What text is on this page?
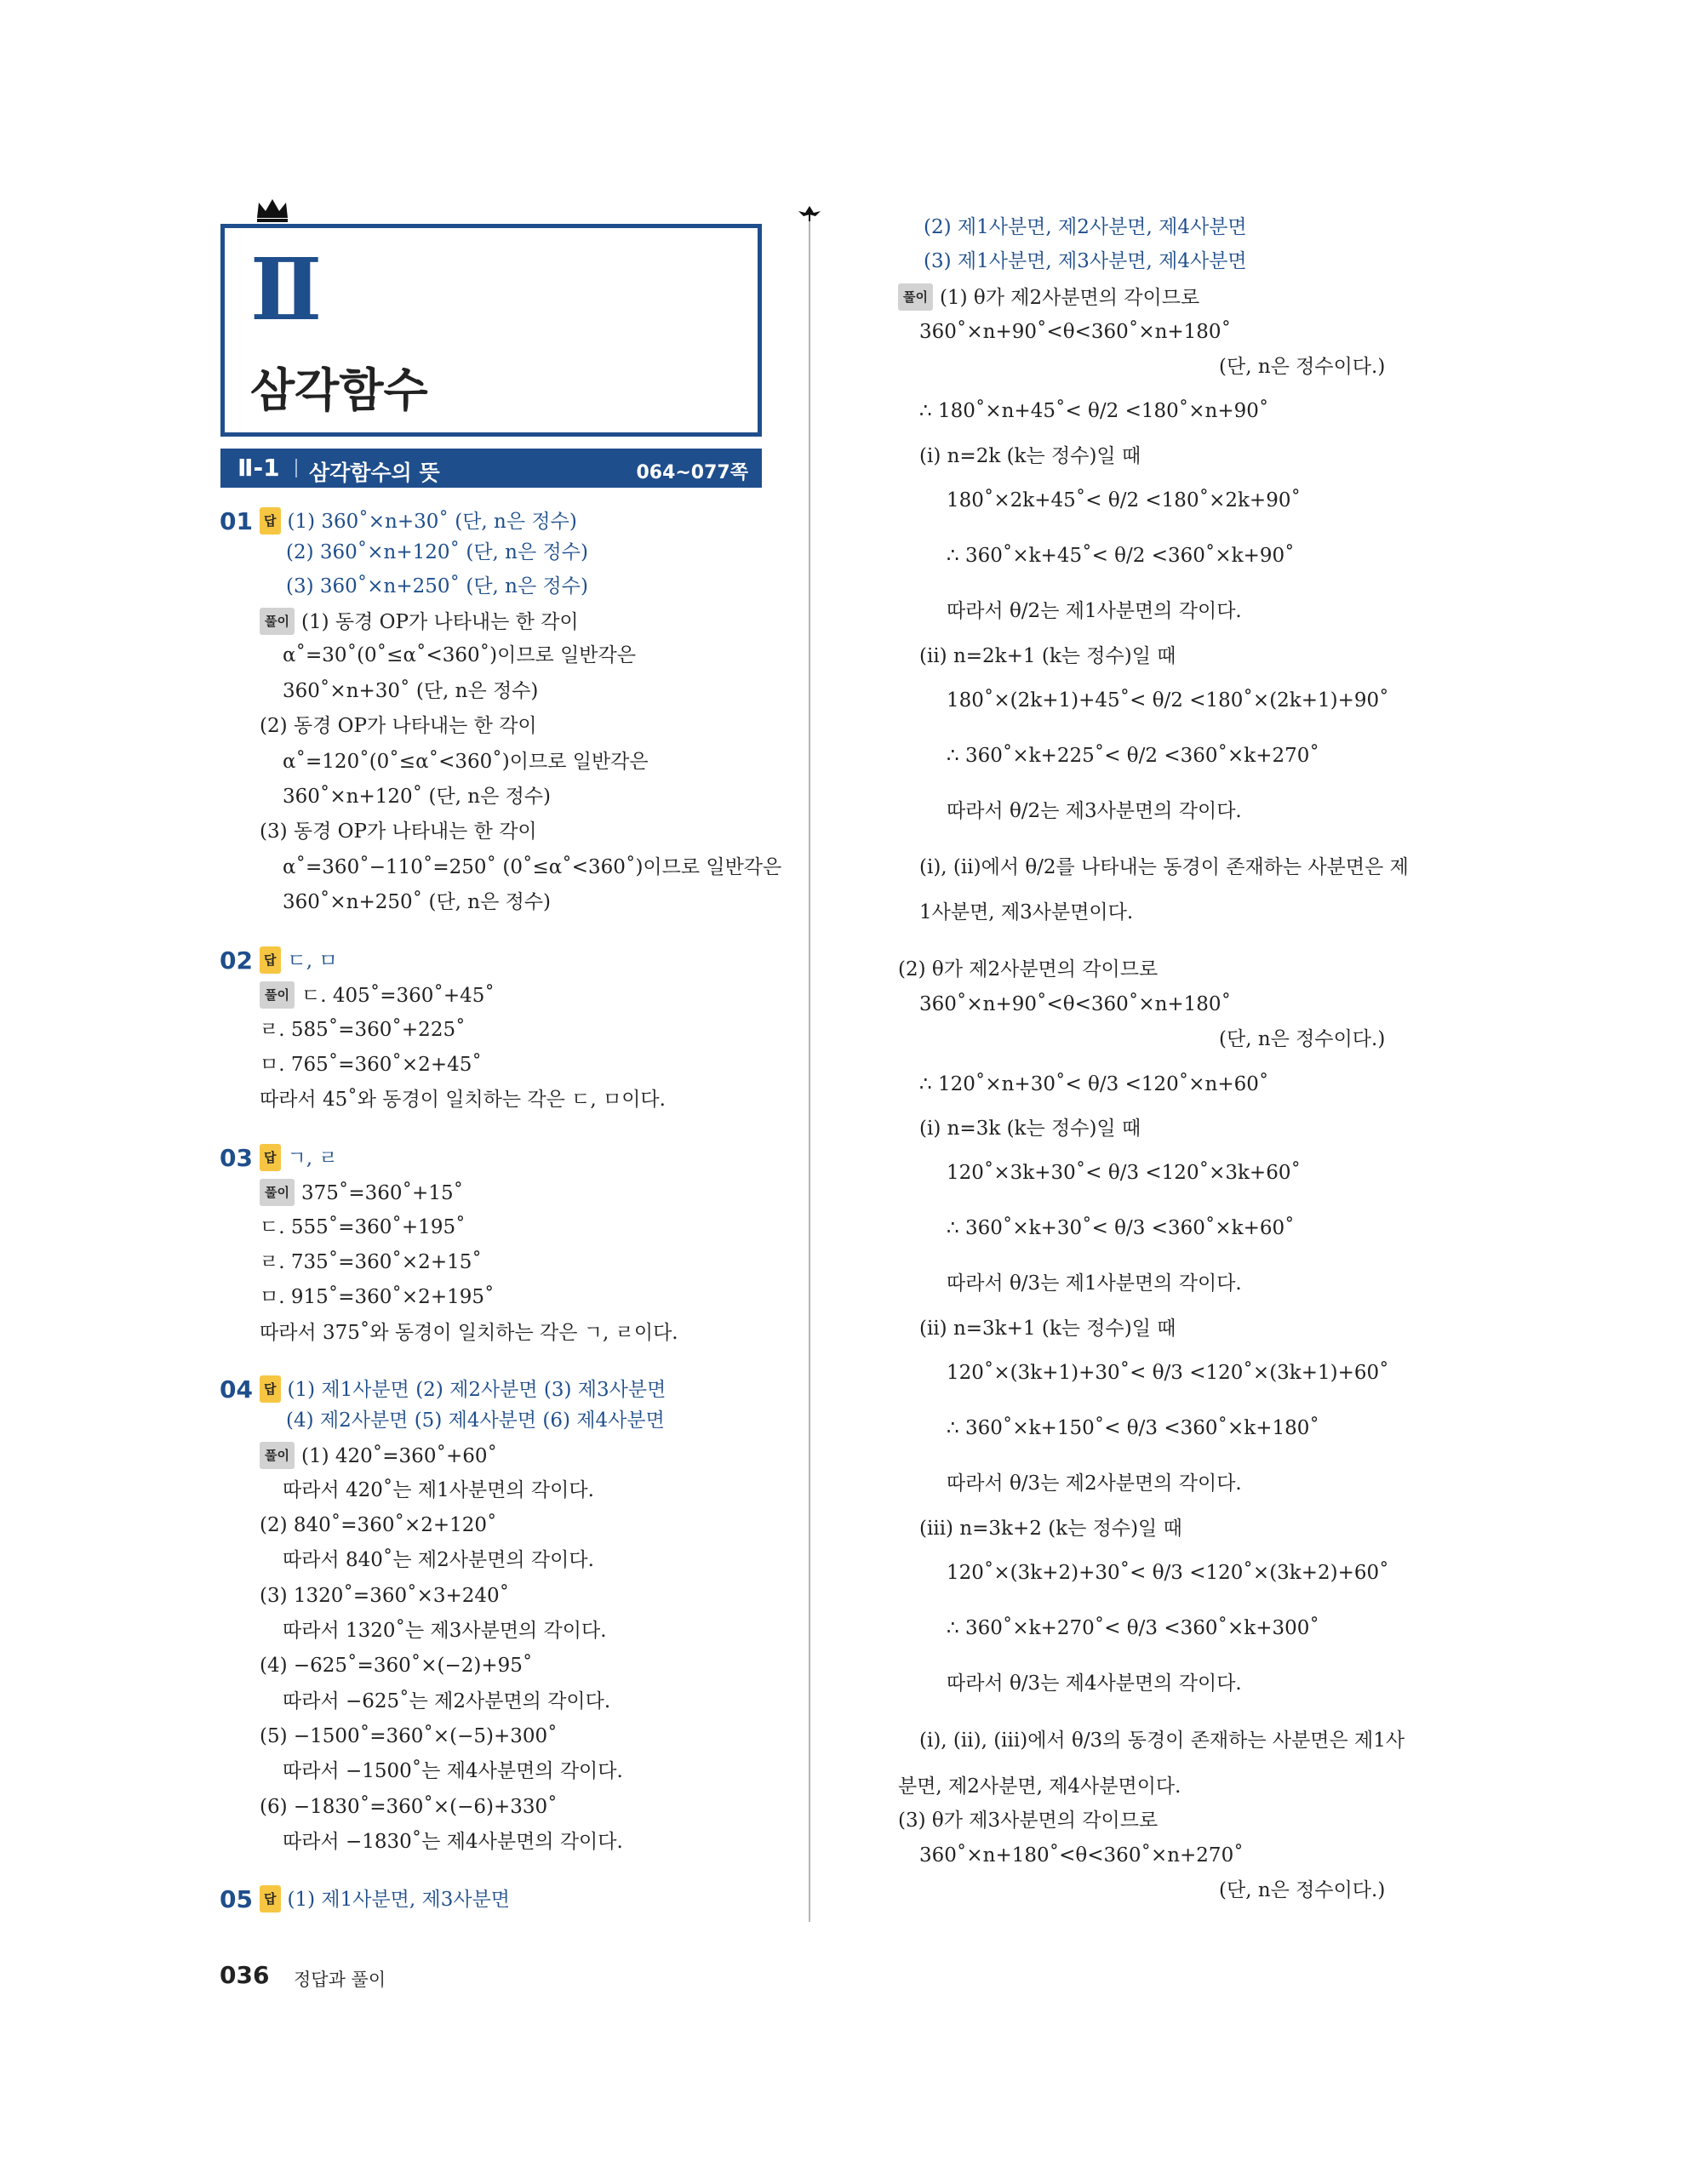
Ⅱ
삼각함수
Ⅱ-1 삼각함수의 뜻	064~077쪽
01 답 (1) 360˚×n+30˚ (단, n은 정수)
(2) 360˚×n+120˚ (단, n은 정수)
(3) 360˚×n+250˚ (단, n은 정수)
풀이 (1) 동경 OP가 나타내는 한 각이
α˚=30˚(0˚≤α˚<360˚)이므로 일반각은
360˚×n+30˚ (단, n은 정수)
(2) 동경 OP가 나타내는 한 각이
α˚=120˚(0˚≤α˚<360˚)이므로 일반각은
360˚×n+120˚ (단, n은 정수)
(3) 동경 OP가 나타내는 한 각이
α˚=360˚−110˚=250˚ (0˚≤α˚<360˚)이므로 일반각은
360˚×n+250˚ (단, n은 정수)
02 답 ㄷ, ㅁ
풀이 ㄷ. 405˚=360˚+45˚
ㄹ. 585˚=360˚+225˚
ㅁ. 765˚=360˚×2+45˚
따라서 45˚와 동경이 일치하는 각은 ㄷ, ㅁ이다.
03 답 ㄱ, ㄹ
풀이 375˚=360˚+15˚
ㄷ. 555˚=360˚+195˚
ㄹ. 735˚=360˚×2+15˚
ㅁ. 915˚=360˚×2+195˚
따라서 375˚와 동경이 일치하는 각은 ㄱ, ㄹ이다.
04 답 (1) 제1사분면 (2) 제2사분면 (3) 제3사분면
(4) 제2사분면 (5) 제4사분면 (6) 제4사분면
풀이 (1) 420˚=360˚+60˚
따라서 420˚는 제1사분면의 각이다.
(2) 840˚=360˚×2+120˚
따라서 840˚는 제2사분면의 각이다.
(3) 1320˚=360˚×3+240˚
따라서 1320˚는 제3사분면의 각이다.
(4) −625˚=360˚×(−2)+95˚
따라서 −625˚는 제2사분면의 각이다.
(5) −1500˚=360˚×(−5)+300˚
따라서 −1500˚는 제4사분면의 각이다.
(6) −1830˚=360˚×(−6)+330˚
따라서 −1830˚는 제4사분면의 각이다.
05 답 (1) 제1사분면, 제3사분면
(2) 제1사분면, 제2사분면, 제4사분면
(3) 제1사분면, 제3사분면, 제4사분면
풀이 (1) θ가 제2사분면의 각이므로
360˚×n+90˚<θ<360˚×n+180˚
(단, n은 정수이다.)
∴ 180˚×n+45˚< θ/2 <180˚×n+90˚
(ⅰ) n=2k (k는 정수)일 때
180˚×2k+45˚< θ/2 <180˚×2k+90˚
∴ 360˚×k+45˚< θ/2 <360˚×k+90˚
따라서 θ/2는 제1사분면의 각이다.
(ⅱ) n=2k+1 (k는 정수)일 때
180˚×(2k+1)+45˚< θ/2 <180˚×(2k+1)+90˚
∴ 360˚×k+225˚< θ/2 <360˚×k+270˚
따라서 θ/2는 제3사분면의 각이다.
(ⅰ), (ⅱ)에서 θ/2를 나타내는 동경이 존재하는 사분면은 제
1사분면, 제3사분면이다.
(2) θ가 제2사분면의 각이므로
360˚×n+90˚<θ<360˚×n+180˚
(단, n은 정수이다.)
∴ 120˚×n+30˚< θ/3 <120˚×n+60˚
(ⅰ) n=3k (k는 정수)일 때
120˚×3k+30˚< θ/3 <120˚×3k+60˚
∴ 360˚×k+30˚< θ/3 <360˚×k+60˚
따라서 θ/3는 제1사분면의 각이다.
(ⅱ) n=3k+1 (k는 정수)일 때
120˚×(3k+1)+30˚< θ/3 <120˚×(3k+1)+60˚
∴ 360˚×k+150˚< θ/3 <360˚×k+180˚
따라서 θ/3는 제2사분면의 각이다.
(ⅲ) n=3k+2 (k는 정수)일 때
120˚×(3k+2)+30˚< θ/3 <120˚×(3k+2)+60˚
∴ 360˚×k+270˚< θ/3 <360˚×k+300˚
따라서 θ/3는 제4사분면의 각이다.
(ⅰ), (ⅱ), (ⅲ)에서 θ/3의 동경이 존재하는 사분면은 제1사
분면, 제2사분면, 제4사분면이다.
(3) θ가 제3사분면의 각이므로
360˚×n+180˚<θ<360˚×n+270˚
(단, n은 정수이다.)
036 정답과 풀이
